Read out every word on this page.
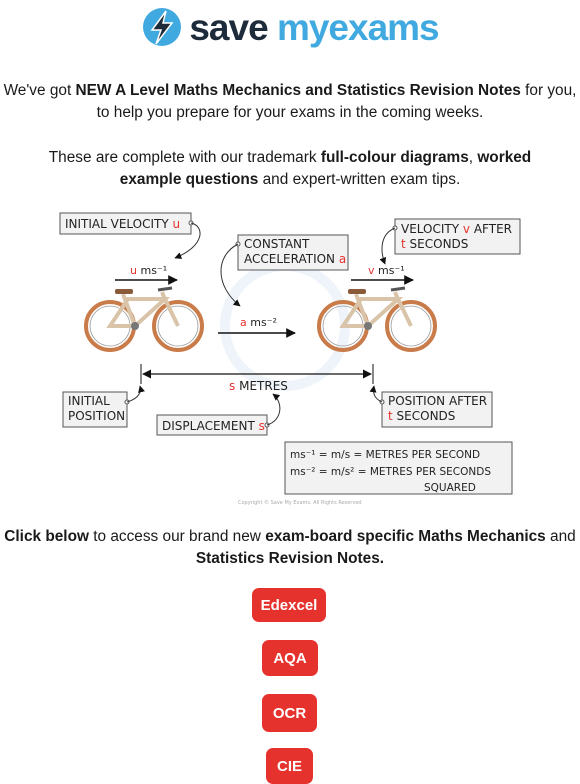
save myexams
We've got NEW A Level Maths Mechanics and Statistics Revision Notes for you, to help you prepare for your exams in the coming weeks.
These are complete with our trademark full-colour diagrams, worked example questions and expert-written exam tips.
INITIAL VELOCITY u
CONSTANT
ACCELERATION a
VELOCITY v AFTER
t SECONDS
u ms⁻¹	v ms⁻¹
a ms⁻²
s METRES
INITIAL
POSITION
POSITION AFTER
t SECONDS
DISPLACEMENT s
ms⁻¹ = m/s = METRES PER SECOND
ms⁻² = m/s² = METRES PER SECONDS
SQUARED
Copyright © Save My Exams. All Rights Reserved
Click below to access our brand new exam-board specific Maths Mechanics and
Statistics Revision Notes.
Edexcel
AQA
OCR
CIE
